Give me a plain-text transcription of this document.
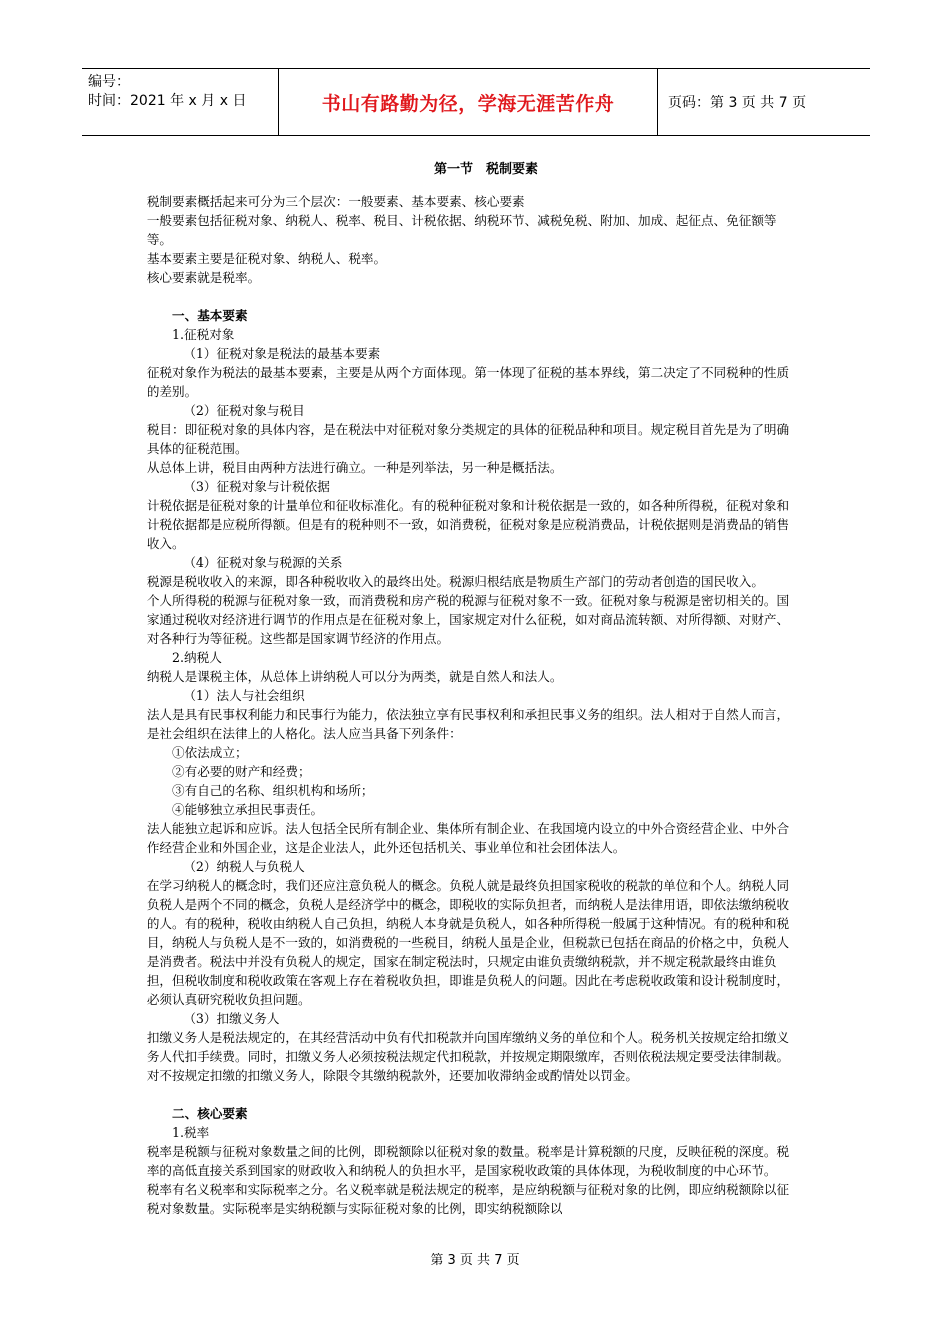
编号：
时间：2021 年 x 月 x 日	书山有路勤为径，学海无涯苦作舟	页码：第 3 页 共 7 页
第一节　税制要素

税制要素概括起来可分为三个层次：一般要素、基本要素、核心要素

一般要素包括征税对象、纳税人、税率、税目、计税依据、纳税环节、减税免税、附加、加成、起征点、免征额等等。

基本要素主要是征税对象、纳税人、税率。

核心要素就是税率。

一、基本要素

1.征税对象

（1）征税对象是税法的最基本要素

征税对象作为税法的最基本要素，主要是从两个方面体现。第一体现了征税的基本界线，第二决定了不同税种的性质的差别。

（2）征税对象与税目

税目：即征税对象的具体内容，是在税法中对征税对象分类规定的具体的征税品种和项目。规定税目首先是为了明确具体的征税范围。

从总体上讲，税目由两种方法进行确立。一种是列举法，另一种是概括法。

（3）征税对象与计税依据

计税依据是征税对象的计量单位和征收标准化。有的税种征税对象和计税依据是一致的，如各种所得税，征税对象和计税依据都是应税所得额。但是有的税种则不一致，如消费税，征税对象是应税消费品，计税依据则是消费品的销售收入。

（4）征税对象与税源的关系

税源是税收收入的来源，即各种税收收入的最终出处。税源归根结底是物质生产部门的劳动者创造的国民收入。

个人所得税的税源与征税对象一致，而消费税和房产税的税源与征税对象不一致。征税对象与税源是密切相关的。国家通过税收对经济进行调节的作用点是在征税对象上，国家规定对什么征税，如对商品流转额、对所得额、对财产、对各种行为等征税。这些都是国家调节经济的作用点。

2.纳税人

纳税人是课税主体，从总体上讲纳税人可以分为两类，就是自然人和法人。

（1）法人与社会组织

法人是具有民事权利能力和民事行为能力，依法独立享有民事权利和承担民事义务的组织。法人相对于自然人而言，是社会组织在法律上的人格化。法人应当具备下列条件：

①依法成立；

②有必要的财产和经费；

③有自己的名称、组织机构和场所；

④能够独立承担民事责任。

法人能独立起诉和应诉。法人包括全民所有制企业、集体所有制企业、在我国境内设立的中外合资经营企业、中外合作经营企业和外国企业，这是企业法人，此外还包括机关、事业单位和社会团体法人。

（2）纳税人与负税人

在学习纳税人的概念时，我们还应注意负税人的概念。负税人就是最终负担国家税收的税款的单位和个人。纳税人同负税人是两个不同的概念，负税人是经济学中的概念，即税收的实际负担者，而纳税人是法律用语，即依法缴纳税收的人。有的税种，税收由纳税人自己负担，纳税人本身就是负税人，如各种所得税一般属于这种情况。有的税种和税目，纳税人与负税人是不一致的，如消费税的一些税目，纳税人虽是企业，但税款已包括在商品的价格之中，负税人是消费者。税法中并没有负税人的规定，国家在制定税法时，只规定由谁负责缴纳税款，并不规定税款最终由谁负担，但税收制度和税收政策在客观上存在着税收负担，即谁是负税人的问题。因此在考虑税收政策和设计税制度时，必须认真研究税收负担问题。

（3）扣缴义务人

扣缴义务人是税法规定的，在其经营活动中负有代扣税款并向国库缴纳义务的单位和个人。税务机关按规定给扣缴义务人代扣手续费。同时，扣缴义务人必须按税法规定代扣税款，并按规定期限缴库，否则依税法规定要受法律制裁。对不按规定扣缴的扣缴义务人，除限令其缴纳税款外，还要加收滞纳金或酌情处以罚金。

二、核心要素

1.税率

税率是税额与征税对象数量之间的比例，即税额除以征税对象的数量。税率是计算税额的尺度，反映征税的深度。税率的高低直接关系到国家的财政收入和纳税人的负担水平，是国家税收政策的具体体现，为税收制度的中心环节。

税率有名义税率和实际税率之分。名义税率就是税法规定的税率，是应纳税额与征税对象的比例，即应纳税额除以征税对象数量。实际税率是实纳税额与实际征税对象的比例，即实纳税额除以

第 3 页 共 7 页
